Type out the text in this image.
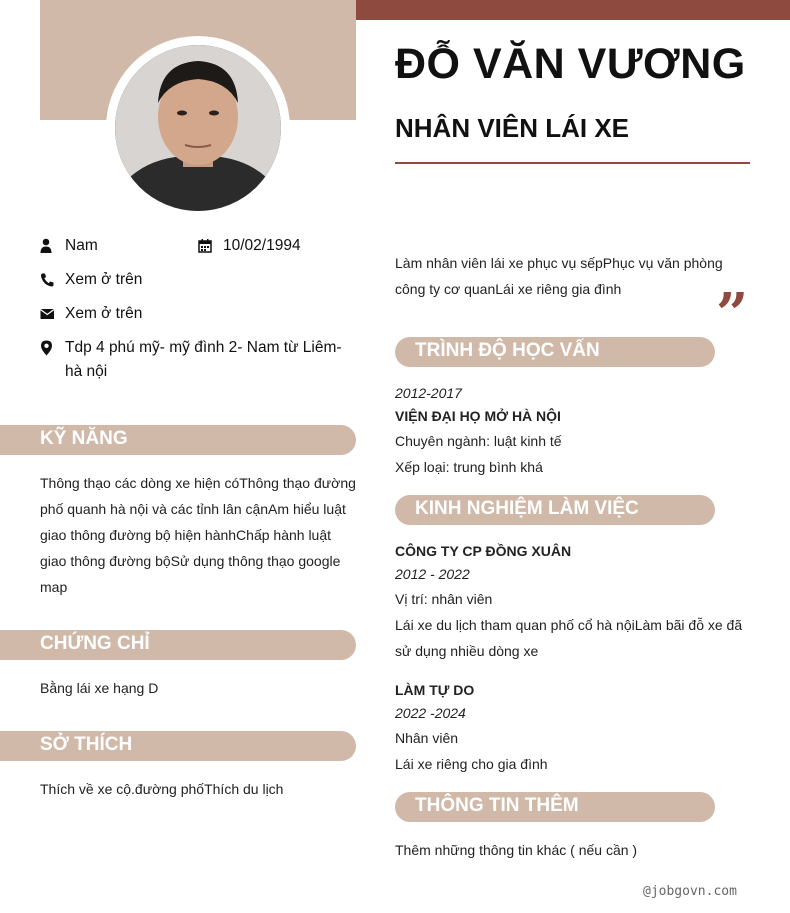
ĐỖ VĂN VƯƠNG
NHÂN VIÊN LÁI XE
Nam	10/02/1994
Xem ở trên
Xem ở trên
Tdp 4 phú mỹ- mỹ đình 2- Nam từ Liêm- hà nội
Làm nhân viên lái xe phục vụ sếpPhục vụ văn phòng công ty cơ quanLái xe riêng gia đình	”
KỸ NĂNG
Thông thạo các dòng xe hiện cóThông thạo đường phố quanh hà nội và các tỉnh lân cậnAm hiểu luật giao thông đường bộ hiện hànhChấp hành luật giao thông đường bộSử dụng thông thạo google map
CHỨNG CHỈ
Bằng lái xe hạng D
SỞ THÍCH
Thích về xe cộ.đường phốThích du lịch
TRÌNH ĐỘ HỌC VẤN
2012-2017
VIỆN ĐẠI HỌ MỞ HÀ NỘI
Chuyên ngành: luật kinh tế
Xếp loại: trung bình khá
KINH NGHIỆM LÀM VIỆC
CÔNG TY CP ĐỒNG XUÂN
2012 - 2022
Vị trí: nhân viên
Lái xe du lịch tham quan phố cổ hà nộiLàm bãi đỗ xe đã sử dụng nhiều dòng xe
LÀM TỰ DO
2022 -2024
Nhân viên
Lái xe riêng cho gia đình
THÔNG TIN THÊM
Thêm những thông tin khác ( nếu cần )
@jobgovn.com
